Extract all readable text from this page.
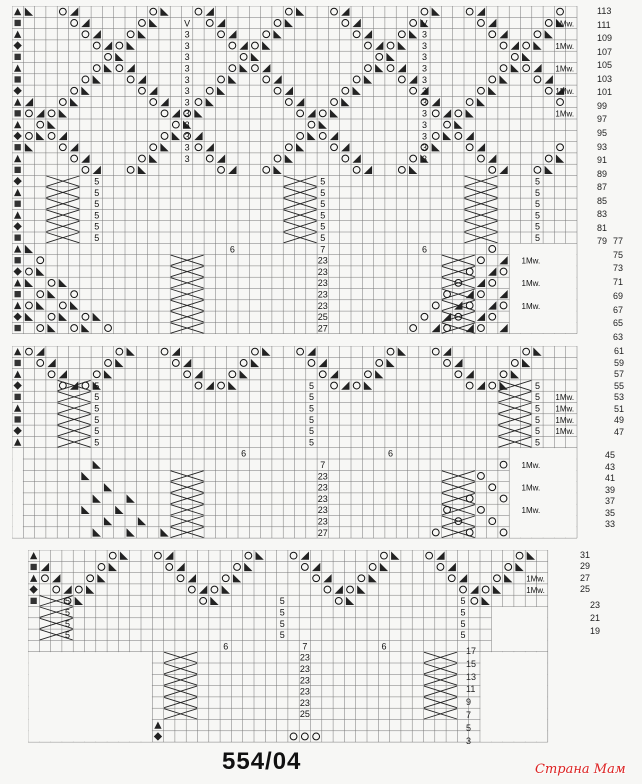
3	3
3	3
3	3
3	3
3	3
3	3
3	3
3	3
3	3
3	3
3	3
3	3
V	V	1Mw.
1Mw.
1Mw.
1Mw.
1Mw.
5	5	5
5	5	5
5	5	5
5	5	5
5	5	5
5	5	5
6	6
7
23
23
23
23
23
25
27
1Mw.
1Mw.
1Mw.
113
111
109
107
105
103
101
99
97
95
93
91
89
87
85
83
81
79 77
75
73
71
69
67
65
63
5	5	5
5	5	5
5	5	5
5	5	5
5	5	5
5	5	5
1Mw.
1Mw.
1Mw.
1Mw.
6
7
6
23
23
23
23
23
27
1Mw.
1Mw.
1Mw.
61
59
57
55
53
51
49
47
45
43
41
39
37
35
33
5	5	5
5	5	5
5	5	5
5	5	5
1Mw.
1Mw.
6	7	6
23
23
23
23
23
25
31
29
27
25
23
21
19
17
15
13
11
9
7
5
3
554/04	Страна Мам
